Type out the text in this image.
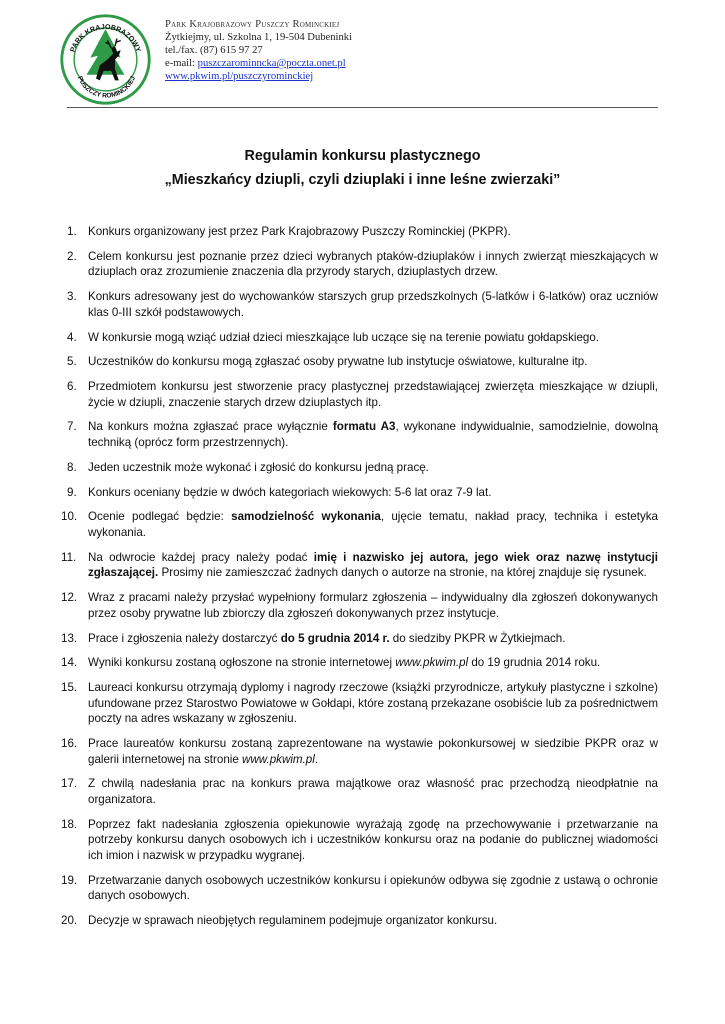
PARK KRAJOBRAZOWY
PUSZCZY ROMINCKIEJ
Park Krajobrazowy Puszczy Rominckiej
Żytkiejmy, ul. Szkolna 1, 19-504 Dubeninki
tel./fax. (87) 615 97 27
e-mail: puszczarominncka@poczta.onet.pl
www.pkwim.pl/puszczyrominckiej
Regulamin konkursu plastycznego
„Mieszkańcy dziupli, czyli dziuplaki i inne leśne zwierzaki”
1. Konkurs organizowany jest przez Park Krajobrazowy Puszczy Rominckiej (PKPR).
2. Celem konkursu jest poznanie przez dzieci wybranych ptaków-dziuplaków i innych zwierząt mieszkających w dziuplach oraz zrozumienie znaczenia dla przyrody starych, dziuplastych drzew.
3. Konkurs adresowany jest do wychowanków starszych grup przedszkolnych (5-latków i 6-latków) oraz uczniów klas 0-III szkół podstawowych.
4. W konkursie mogą wziąć udział dzieci mieszkające lub uczące się na terenie powiatu gołdapskiego.
5. Uczestników do konkursu mogą zgłaszać osoby prywatne lub instytucje oświatowe, kulturalne itp.
6. Przedmiotem konkursu jest stworzenie pracy plastycznej przedstawiającej zwierzęta mieszkające w dziupli, życie w dziupli, znaczenie starych drzew dziuplastych itp.
7. Na konkurs można zgłaszać prace wyłącznie formatu A3, wykonane indywidualnie, samodzielnie, dowolną techniką (oprócz form przestrzennych).
8. Jeden uczestnik może wykonać i zgłosić do konkursu jedną pracę.
9. Konkurs oceniany będzie w dwóch kategoriach wiekowych: 5-6 lat oraz 7-9 lat.
10. Ocenie podlegać będzie: samodzielność wykonania, ujęcie tematu, nakład pracy, technika i estetyka wykonania.
11. Na odwrocie każdej pracy należy podać imię i nazwisko jej autora, jego wiek oraz nazwę instytucji zgłaszającej. Prosimy nie zamieszczać żadnych danych o autorze na stronie, na której znajduje się rysunek.
12. Wraz z pracami należy przysłać wypełniony formularz zgłoszenia – indywidualny dla zgłoszeń dokonywanych przez osoby prywatne lub zbiorczy dla zgłoszeń dokonywanych przez instytucje.
13. Prace i zgłoszenia należy dostarczyć do 5 grudnia 2014 r. do siedziby PKPR w Żytkiejmach.
14. Wyniki konkursu zostaną ogłoszone na stronie internetowej www.pkwim.pl do 19 grudnia 2014 roku.
15. Laureaci konkursu otrzymają dyplomy i nagrody rzeczowe (książki przyrodnicze, artykuły plastyczne i szkolne) ufundowane przez Starostwo Powiatowe w Gołdapi, które zostaną przekazane osobiście lub za pośrednictwem poczty na adres wskazany w zgłoszeniu.
16. Prace laureatów konkursu zostaną zaprezentowane na wystawie pokonkursowej w siedzibie PKPR oraz w galerii internetowej na stronie www.pkwim.pl.
17. Z chwilą nadesłania prac na konkurs prawa majątkowe oraz własność prac przechodzą nieodpłatnie na organizatora.
18. Poprzez fakt nadesłania zgłoszenia opiekunowie wyrażają zgodę na przechowywanie i przetwarzanie na potrzeby konkursu danych osobowych ich i uczestników konkursu oraz na podanie do publicznej wiadomości ich imion i nazwisk w przypadku wygranej.
19. Przetwarzanie danych osobowych uczestników konkursu i opiekunów odbywa się zgodnie z ustawą o ochronie danych osobowych.
20. Decyzje w sprawach nieobjętych regulaminem podejmuje organizator konkursu.
